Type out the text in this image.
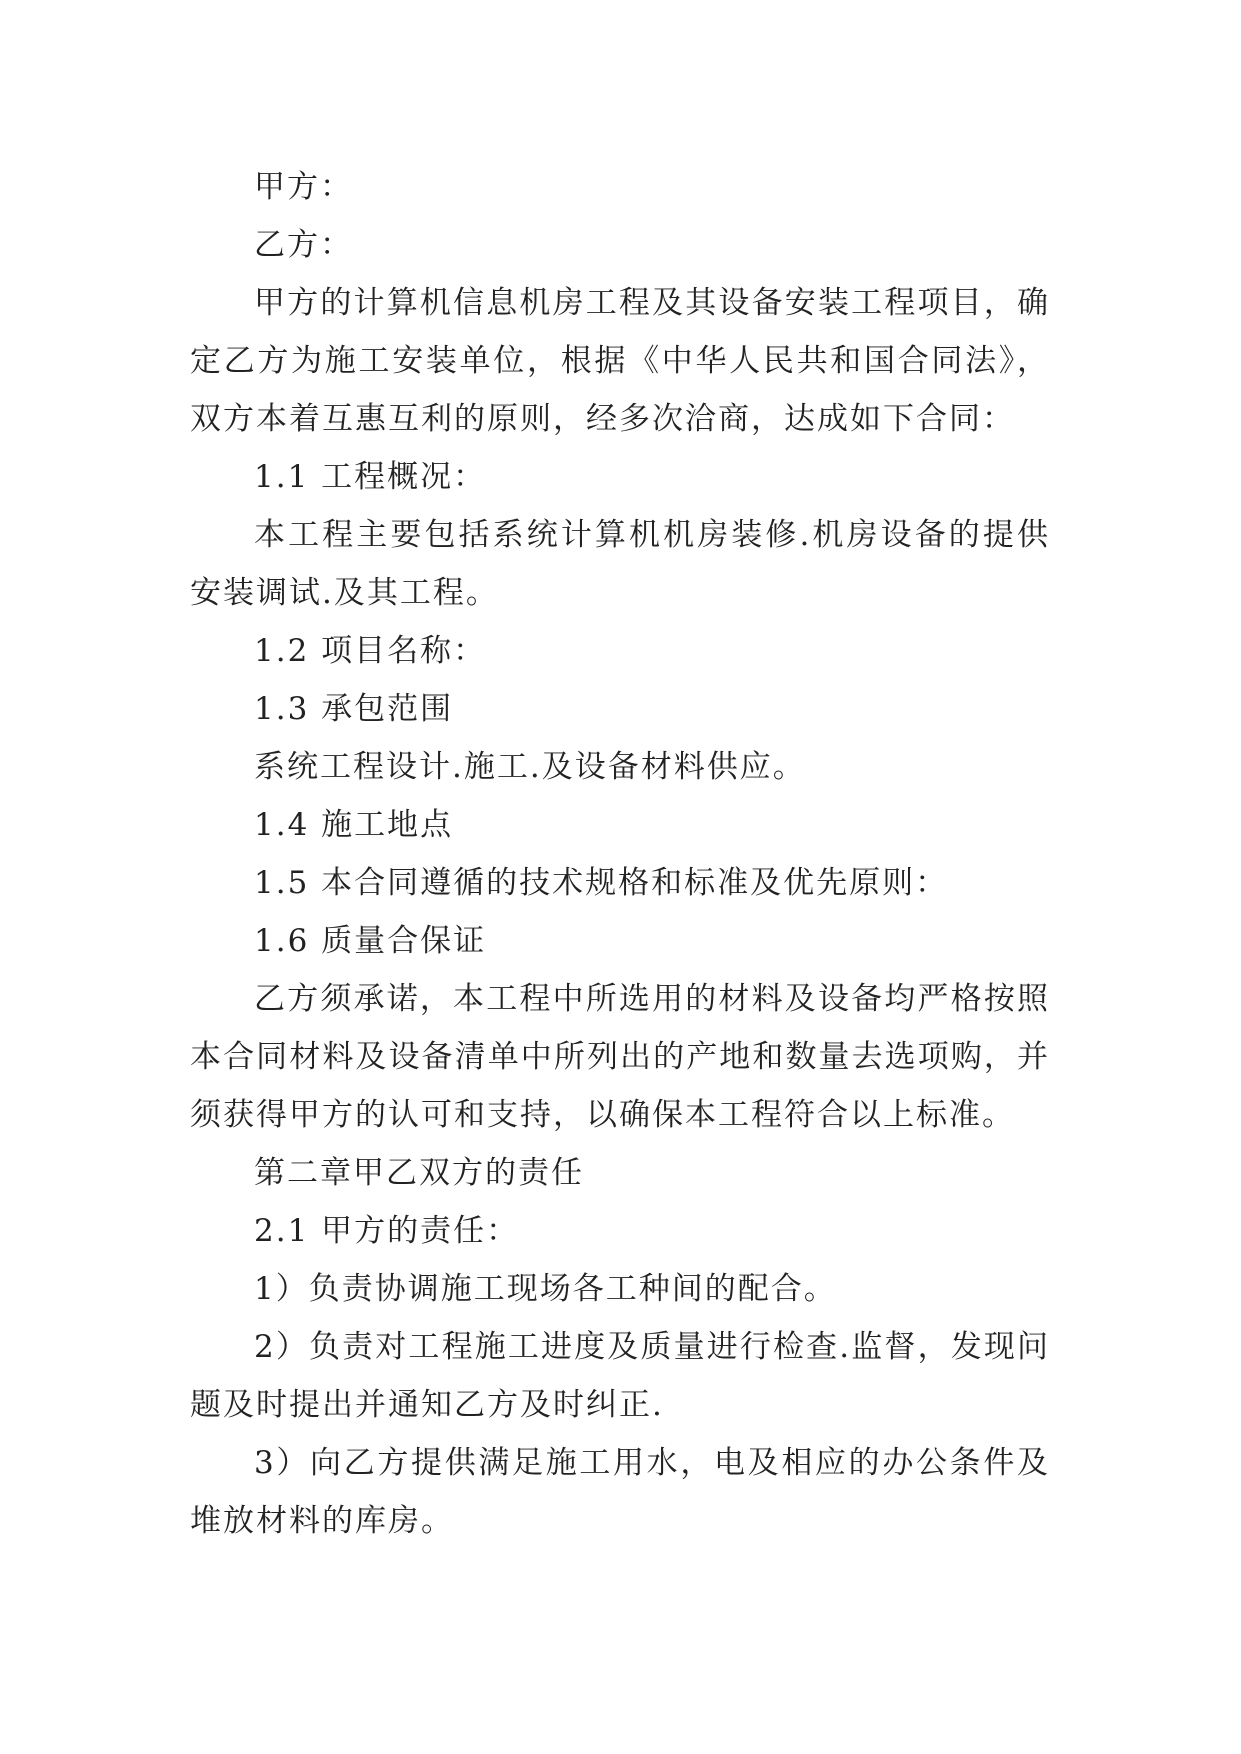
甲方：

乙方：

甲方的计算机信息机房工程及其设备安装工程项目，确定乙方为施工安装单位，根据《中华人民共和国合同法》，双方本着互惠互利的原则，经多次洽商，达成如下合同：

1.1 工程概况：

本工程主要包括系统计算机机房装修.机房设备的提供安装调试.及其工程。

1.2 项目名称：

1.3 承包范围

系统工程设计.施工.及设备材料供应。

1.4 施工地点

1.5 本合同遵循的技术规格和标准及优先原则：

1.6 质量合保证

乙方须承诺，本工程中所选用的材料及设备均严格按照本合同材料及设备清单中所列出的产地和数量去选项购，并须获得甲方的认可和支持，以确保本工程符合以上标准。

第二章甲乙双方的责任

2.1 甲方的责任：

1）负责协调施工现场各工种间的配合。

2）负责对工程施工进度及质量进行检查.监督，发现问题及时提出并通知乙方及时纠正.

3）向乙方提供满足施工用水，电及相应的办公条件及堆放材料的库房。
